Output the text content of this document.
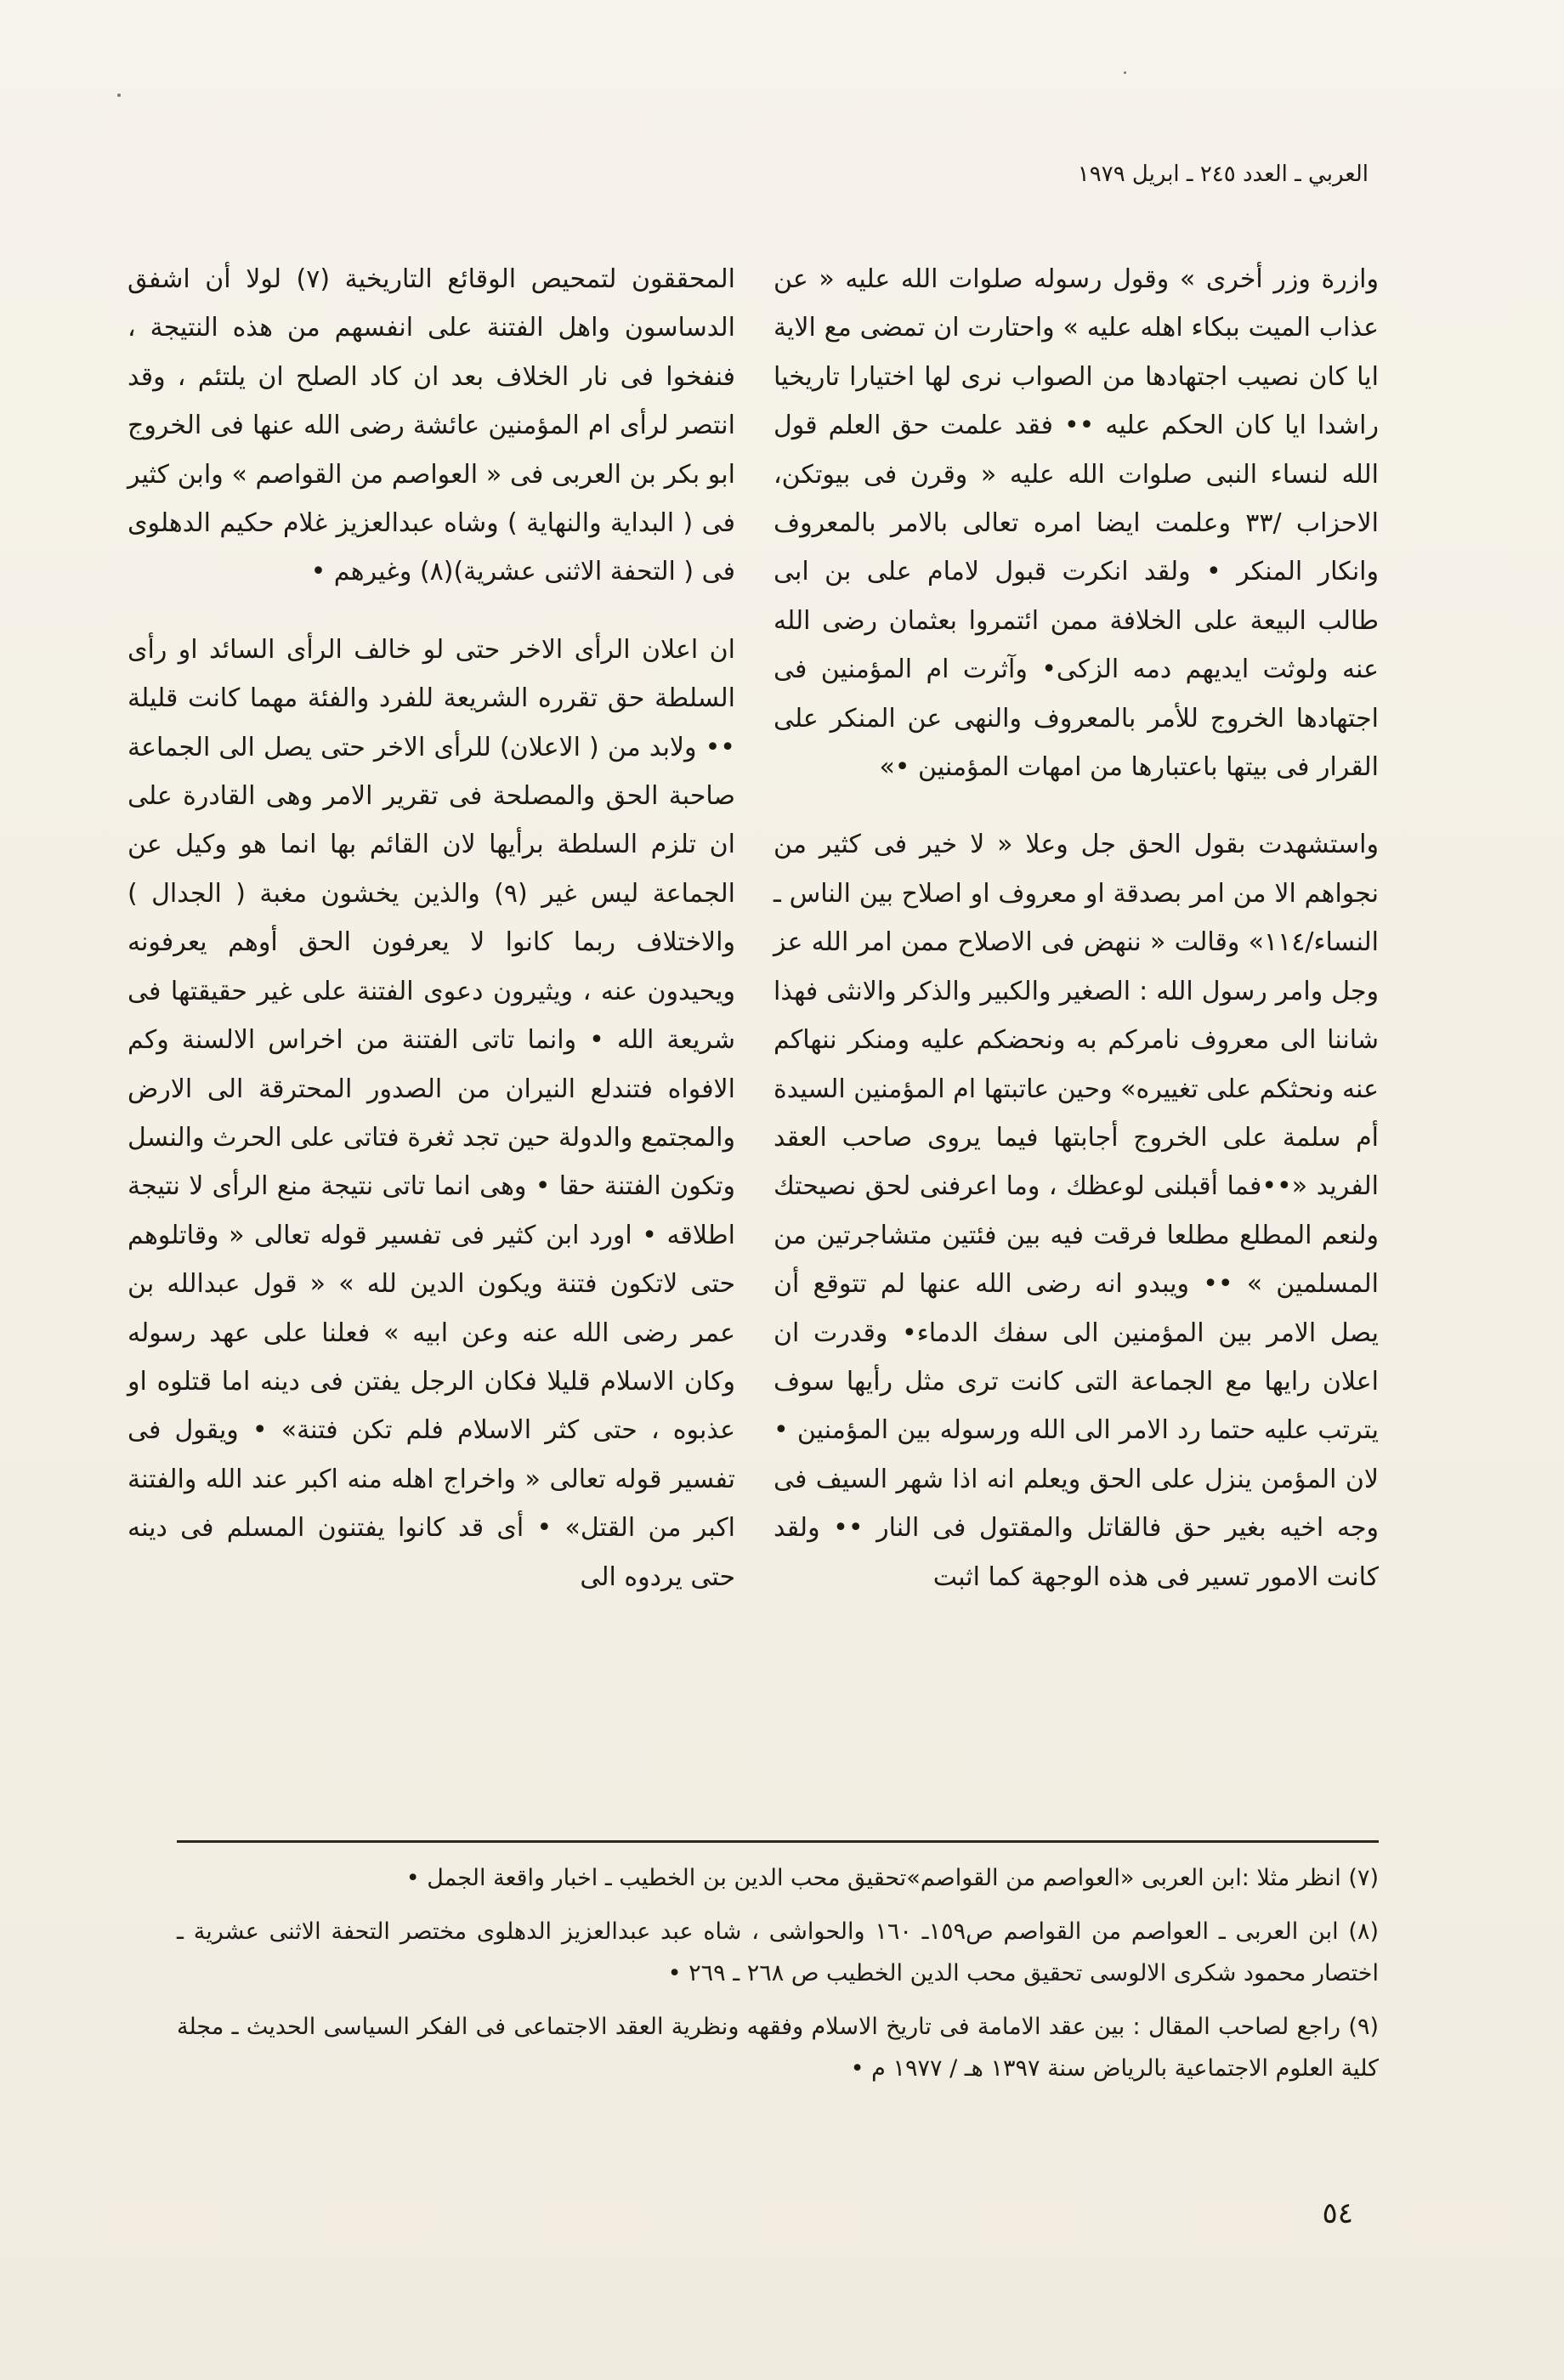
العربي ـ العدد ٢٤٥ ـ ابريل ١٩٧٩

وازرة وزر أخرى » وقول رسوله صلوات الله عليه « عن عذاب الميت ببكاء اهله عليه » واحتارت ان تمضى مع الاية ايا كان نصيب اجتهادها من الصواب نرى لها اختيارا تاريخيا راشدا ايا كان الحكم عليه •• فقد علمت حق العلم قول الله لنساء النبى صلوات الله عليه « وقرن فى بيوتكن، الاحزاب /٣٣ وعلمت ايضا امره تعالى بالامر بالمعروف وانكار المنكر • ولقد انكرت قبول لامام على بن ابى طالب البيعة على الخلافة ممن ائتمروا بعثمان رضى الله عنه ولوثت ايديهم دمه الزكى• وآثرت ام المؤمنين فى اجتهادها الخروج للأمر بالمعروف والنهى عن المنكر على القرار فى بيتها باعتبارها من امهات المؤمنين •»

واستشهدت بقول الحق جل وعلا « لا خير فى كثير من نجواهم الا من امر بصدقة او معروف او اصلاح بين الناس ـ النساء/١١٤» وقالت « ننهض فى الاصلاح ممن امر الله عز وجل وامر رسول الله : الصغير والكبير والذكر والانثى فهذا شاننا الى معروف نامركم به ونحضكم عليه ومنكر ننهاكم عنه ونحثكم على تغييره» وحين عاتبتها ام المؤمنين السيدة أم سلمة على الخروج أجابتها فيما يروى صاحب العقد الفريد «••فما أقبلنى لوعظك ، وما اعرفنى لحق نصيحتك ولنعم المطلع مطلعا فرقت فيه بين فئتين متشاجرتين من المسلمين » •• ويبدو انه رضى الله عنها لم تتوقع أن يصل الامر بين المؤمنين الى سفك الدماء• وقدرت ان اعلان رايها مع الجماعة التى كانت ترى مثل رأيها سوف يترتب عليه حتما رد الامر الى الله ورسوله بين المؤمنين • لان المؤمن ينزل على الحق ويعلم انه اذا شهر السيف فى وجه اخيه بغير حق فالقاتل والمقتول فى النار •• ولقد كانت الامور تسير فى هذه الوجهة كما اثبت

المحققون لتمحيص الوقائع التاريخية (٧) لولا أن اشفق الدساسون واهل الفتنة على انفسهم من هذه النتيجة ، فنفخوا فى نار الخلاف بعد ان كاد الصلح ان يلتئم ، وقد انتصر لرأى ام المؤمنين عائشة رضى الله عنها فى الخروج ابو بكر بن العربى فى « العواصم من القواصم » وابن كثير فى ( البداية والنهاية ) وشاه عبدالعزيز غلام حكيم الدهلوى فى ( التحفة الاثنى عشرية)(٨) وغيرهم •

ان اعلان الرأى الاخر حتى لو خالف الرأى السائد او رأى السلطة حق تقرره الشريعة للفرد والفئة مهما كانت قليلة •• ولابد من ( الاعلان) للرأى الاخر حتى يصل الى الجماعة صاحبة الحق والمصلحة فى تقرير الامر وهى القادرة على ان تلزم السلطة برأيها لان القائم بها انما هو وكيل عن الجماعة ليس غير (٩) والذين يخشون مغبة ( الجدال ) والاختلاف ربما كانوا لا يعرفون الحق أوهم يعرفونه ويحيدون عنه ، ويثيرون دعوى الفتنة على غير حقيقتها فى شريعة الله • وانما تاتى الفتنة من اخراس الالسنة وكم الافواه فتندلع النيران من الصدور المحترقة الى الارض والمجتمع والدولة حين تجد ثغرة فتاتى على الحرث والنسل وتكون الفتنة حقا • وهى انما تاتى نتيجة منع الرأى لا نتيجة اطلاقه • اورد ابن كثير فى تفسير قوله تعالى « وقاتلوهم حتى لاتكون فتنة ويكون الدين لله » « قول عبدالله بن عمر رضى الله عنه وعن ابيه » فعلنا على عهد رسوله وكان الاسلام قليلا فكان الرجل يفتن فى دينه اما قتلوه او عذبوه ، حتى كثر الاسلام فلم تكن فتنة» • ويقول فى تفسير قوله تعالى « واخراج اهله منه اكبر عند الله والفتنة اكبر من القتل» • أى قد كانوا يفتنون المسلم فى دينه حتى يردوه الى

(٧) انظر مثلا :ابن العربى «العواصم من القواصم»تحقيق محب الدين بن الخطيب ـ اخبار واقعة الجمل •

(٨) ابن العربى ـ العواصم من القواصم ص١٥٩ـ ١٦٠ والحواشى ، شاه عبد عبدالعزيز الدهلوى مختصر التحفة الاثنى عشرية ـ اختصار محمود شكرى الالوسى تحقيق محب الدين الخطيب ص ٢٦٨ ـ ٢٦٩ •

(٩) راجع لصاحب المقال : بين عقد الامامة فى تاريخ الاسلام وفقهه ونظرية العقد الاجتماعى فى الفكر السياسى الحديث ـ مجلة كلية العلوم الاجتماعية بالرياض سنة ١٣٩٧ هـ / ١٩٧٧ م •

٥٤
